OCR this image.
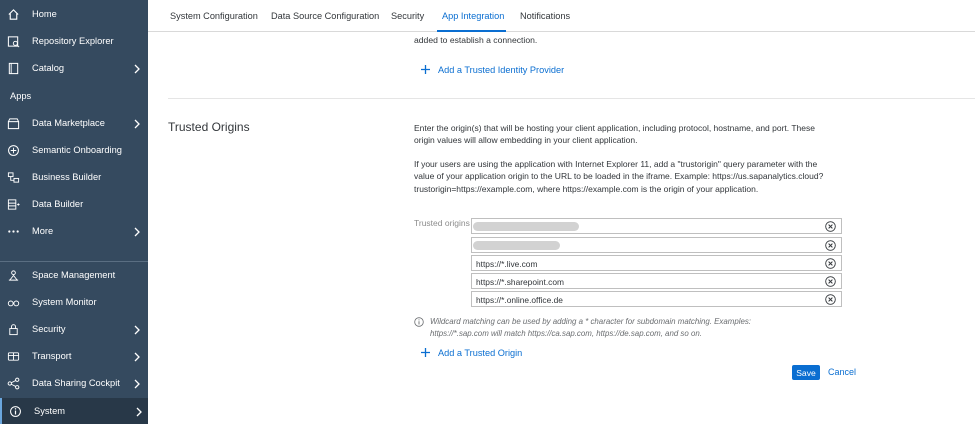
Home
Repository Explorer
Catalog
Apps
Data Marketplace
Semantic Onboarding
Business Builder
Data Builder
More
Space Management
System Monitor
Security
Transport
Data Sharing Cockpit
System
System Configuration Data Source Configuration Security App Integration Notifications
added to establish a connection.
Add a Trusted Identity Provider
Trusted Origins	Enter the origin(s) that will be hosting your client application, including protocol, hostname, and port. These origin values will allow embedding in your client application.
If your users are using the application with Internet Explorer 11, add a "trustorigin" query parameter with the value of your application origin to the URL to be loaded in the iframe. Example: https://us.sapanalytics.cloud?trustorigin=https://example.com, where https://example.com is the origin of your application.
Trusted origins
https://*.live.com
https://*.sharepoint.com
https://*.online.office.de
Wildcard matching can be used by adding a * character for subdomain matching. Examples: https://*.sap.com will match https://ca.sap.com, https://de.sap.com, and so on.
Add a Trusted Origin
Save	Cancel
